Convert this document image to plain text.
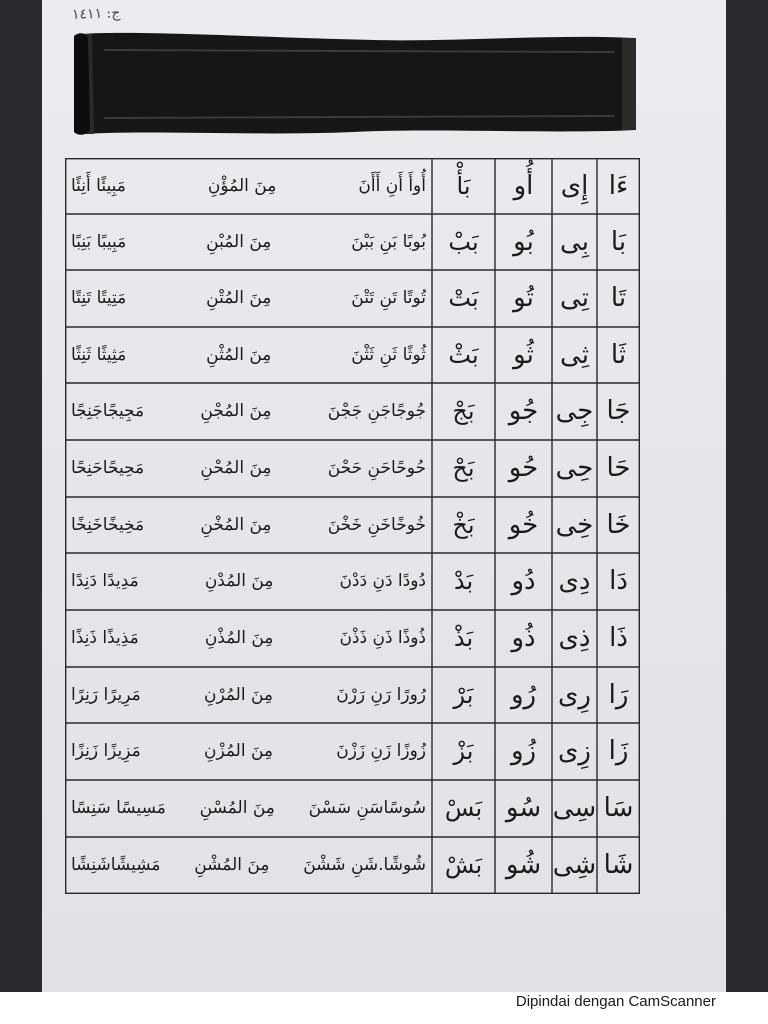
ج: ١٤١١
ءَا
إِى
أُو
بَأْ
أُوأَ أَنِ أَأَنَ
مِنَ المُؤْنِ
مَبِيئًا أَنِئًا
بَا
بِى
بُو
بَبْ
بُوبًا بَنِ بَبْنَ
مِنَ المُبْنِ
مَبِيبًا بَنِبًا
تَا
تِى
تُو
بَتْ
تُوتًا تَنِ تَتْنَ
مِنَ المُتْنِ
مَتِيتًا تَنِتًا
ثَا
ثِى
ثُو
بَثْ
ثُوثًا ثَنِ ثَثْنَ
مِنَ المُثْنِ
مَثِيثًا ثَنِثًا
جَا
جِى
جُو
بَجْ
جُوجًاجَنِ جَجْنَ
مِنَ المُجْنِ
مَجِيجًاجَنِجًا
حَا
حِى
حُو
بَحْ
حُوحًاحَنِ حَحْنَ
مِنَ المُحْنِ
مَحِيحًاحَنِحًا
خَا
خِى
خُو
بَخْ
خُوخًاخَنِ خَخْنَ
مِنَ المُخْنِ
مَخِيخًاخَنِخًا
دَا
دِى
دُو
بَدْ
دُودًا دَنِ دَدْنَ
مِنَ المُدْنِ
مَدِيدًا دَنِدًا
ذَا
ذِى
ذُو
بَذْ
ذُوذًا ذَنِ ذَذْنَ
مِنَ المُذْنِ
مَذِيذًا ذَنِذًا
رَا
رِى
رُو
بَرْ
رُورًا رَنِ رَرْنَ
مِنَ المُرْنِ
مَرِيرًا رَنِرًا
زَا
زِى
زُو
بَزْ
زُوزًا زَنِ زَزْنَ
مِنَ المُزْنِ
مَزِيزًا زَنِزًا
سَا
سِى
سُو
بَسْ
سُوسًاسَنِ سَسْنَ
مِنَ المُسْنِ
مَسِيسًا سَنِسًا
شَا
شِى
شُو
بَشْ
شُوشًا.شَنِ شَشْنَ
مِنَ المُشْنِ
مَشِيشًاشَنِشًا
Dipindai dengan CamScanner
